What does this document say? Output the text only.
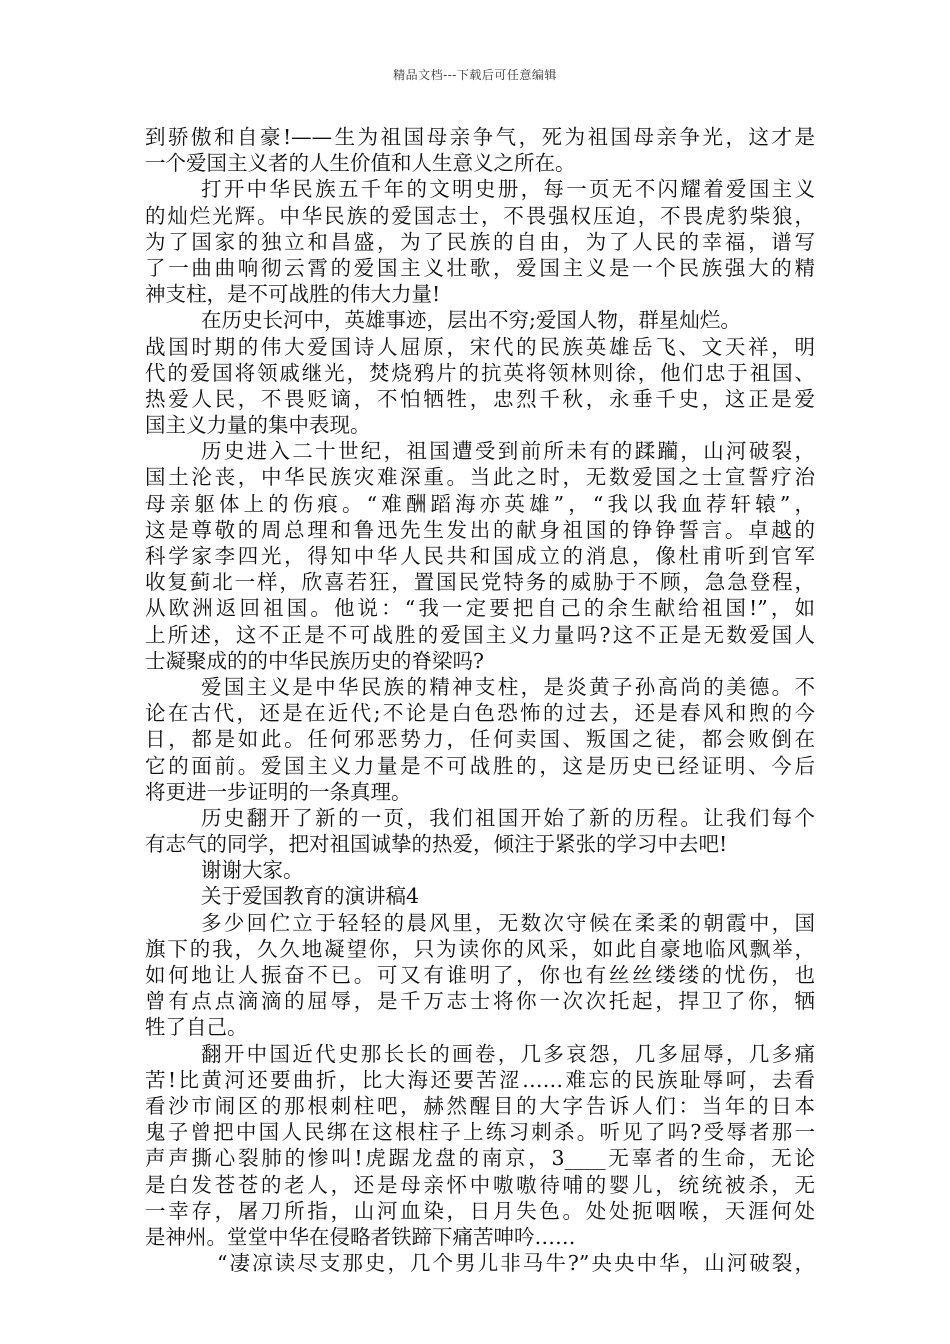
精品文档---下载后可任意编辑
到骄傲和自豪!——生为祖国母亲争气，死为祖国母亲争光，这才是
一个爱国主义者的人生价值和人生意义之所在。
打开中华民族五千年的文明史册，每一页无不闪耀着爱国主义
的灿烂光辉。中华民族的爱国志士，不畏强权压迫，不畏虎豹柴狼，
为了国家的独立和昌盛，为了民族的自由，为了人民的幸福，谱写
了一曲曲响彻云霄的爱国主义壮歌，爱国主义是一个民族强大的精
神支柱，是不可战胜的伟大力量!
在历史长河中，英雄事迹，层出不穷;爱国人物，群星灿烂。
战国时期的伟大爱国诗人屈原，宋代的民族英雄岳飞、文天祥，明
代的爱国将领戚继光，焚烧鸦片的抗英将领林则徐，他们忠于祖国、
热爱人民，不畏贬谪，不怕牺牲，忠烈千秋，永垂千史，这正是爱
国主义力量的集中表现。
历史进入二十世纪，祖国遭受到前所未有的蹂躏，山河破裂，
国土沦丧，中华民族灾难深重。当此之时，无数爱国之士宣誓疗治
母亲躯体上的伤痕。“难酬蹈海亦英雄”，“我以我血荐轩辕”，
这是尊敬的周总理和鲁迅先生发出的献身祖国的铮铮誓言。卓越的
科学家李四光，得知中华人民共和国成立的消息，像杜甫听到官军
收复蓟北一样，欣喜若狂，置国民党特务的威胁于不顾，急急登程，
从欧洲返回祖国。他说：“我一定要把自己的余生献给祖国!”，如
上所述，这不正是不可战胜的爱国主义力量吗?这不正是无数爱国人
士凝聚成的的中华民族历史的脊梁吗?
爱国主义是中华民族的精神支柱，是炎黄子孙高尚的美德。不
论在古代，还是在近代;不论是白色恐怖的过去，还是春风和煦的今
日，都是如此。任何邪恶势力，任何卖国、叛国之徒，都会败倒在
它的面前。爱国主义力量是不可战胜的，这是历史已经证明、今后
将更进一步证明的一条真理。
历史翻开了新的一页，我们祖国开始了新的历程。让我们每个
有志气的同学，把对祖国诚挚的热爱，倾注于紧张的学习中去吧!
谢谢大家。
关于爱国教育的演讲稿4
多少回伫立于轻轻的晨风里，无数次守候在柔柔的朝霞中，国
旗下的我，久久地凝望你，只为读你的风采，如此自豪地临风飘举，
如何地让人振奋不已。可又有谁明了，你也有丝丝缕缕的忧伤，也
曾有点点滴滴的屈辱，是千万志士将你一次次托起，捍卫了你，牺
牲了自己。
翻开中国近代史那长长的画卷，几多哀怨，几多屈辱，几多痛
苦!比黄河还要曲折，比大海还要苦涩……难忘的民族耻辱呵，去看
看沙市闹区的那根刺柱吧，赫然醒目的大字告诉人们：当年的日本
鬼子曾把中国人民绑在这根柱子上练习刺杀。听见了吗?受辱者那一
声声撕心裂肺的惨叫!虎踞龙盘的南京，3____无辜者的生命，无论
是白发苍苍的老人，还是母亲怀中嗷嗷待哺的婴儿，统统被杀，无
一幸存，屠刀所指，山河血染，日月失色。处处扼咽喉，天涯何处
是神州。堂堂中华在侵略者铁蹄下痛苦呻吟……
“凄凉读尽支那史，几个男儿非马牛?”央央中华，山河破裂，
